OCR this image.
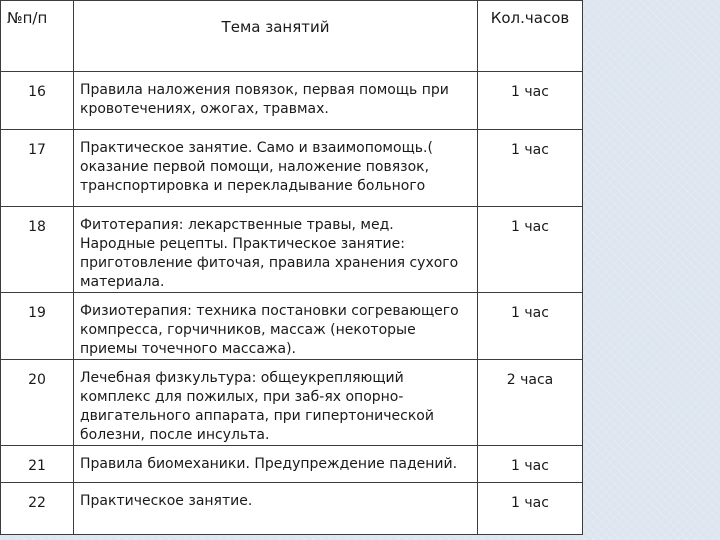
№п/п	Тема занятий	Кол.часов
16	Правила наложения повязок, первая помощь при кровотечениях, ожогах, травмах.	1 час
17	Практическое занятие. Само и взаимопомощь.( оказание первой помощи, наложение повязок, транспортировка и перекладывание больного	1 час
18	Фитотерапия: лекарственные травы, мед. Народные рецепты. Практическое занятие: приготовление фиточая, правила хранения сухого материала.	1 час
19	Физиотерапия: техника постановки согревающего компресса, горчичников, массаж (некоторые приемы точечного массажа).	1 час
20	Лечебная физкультура: общеукрепляющий комплекс для пожилых, при заб-ях опорно-двигательного аппарата, при гипертонической болезни, после инсульта.	2 часа
21	Правила биомеханики. Предупреждение падений.	1 час
22	Практическое занятие.	1 час
